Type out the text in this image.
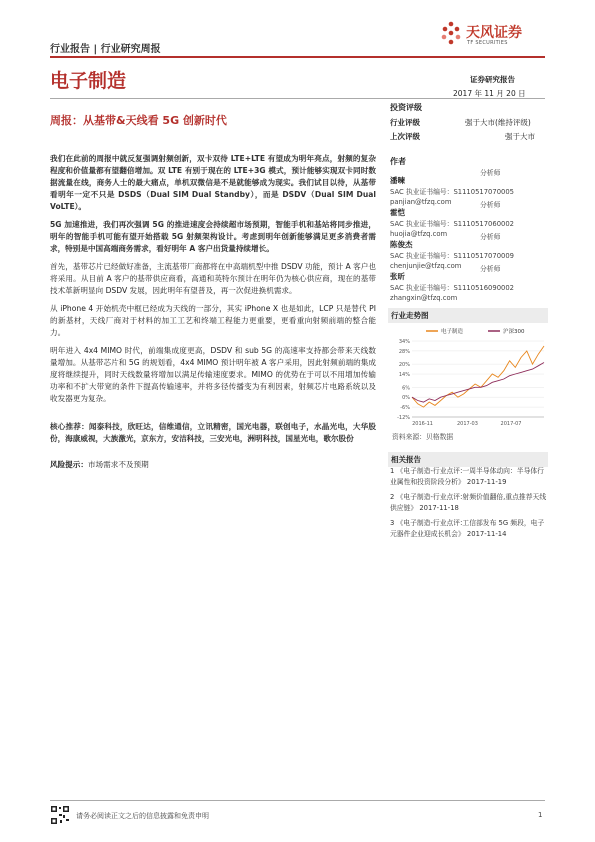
天风证券
TF SECURITIES
行业报告 | 行业研究周报
电子制造	证券研究报告
2017 年 11 月 20 日
周报：从基带&天线看 5G 创新时代
投资评级
行业评级	强于大市(维持评级)
上次评级	强于大市
作者
潘暕
分析师
SAC 执业证书编号：S1110517070005
panjian@tfzq.com
霍恺
分析师
SAC 执业证书编号：S1110517060002
huojia@tfzq.com
陈俊杰
分析师
SAC 执业证书编号：S1110517070009
chenjunjie@tfzq.com
张昕
分析师
SAC 执业证书编号：S1110516090002
zhangxin@tfzq.com
行业走势图
34%
28%
20%
14%
6%
0%
-6%
-12%
2016-11	2017-03	2017-07
电子制造	沪深300
资料来源：贝格数据
相关报告
1 《电子制造-行业点评:一周半导体动向：半导体行业属性和投资阶段分析》 2017-11-19
2 《电子制造-行业点评:射频价值翻倍,重点推荐天线供应链》 2017-11-18
3 《电子制造-行业点评:工信部发布 5G 频段，电子元器件企业迎成长机会》 2017-11-14

我们在此前的周报中就反复强调射频创新，双卡双待 LTE+LTE 有望成为明年亮点，射频的复杂程度和价值量都有望翻倍增加。双 LTE 有别于现在的 LTE+3G 模式，预计能够实现双卡同时数据流量在线，商务人士的最大痛点，单机双微信是不是就能够成为现实。我们试目以待，从基带看明年一定不只是 DSDS（Dual SIM Dual Standby），而是 DSDV（Dual SIM Dual VoLTE）。

5G 加速推进，我们再次强调 5G 的推进速度会持续超市场预期，智能手机和基站将同步推进，明年的智能手机可能有望开始搭载 5G 射频架构设计。考虑到明年创新能够满足更多消费者需求，特别是中国高端商务需求，看好明年 A 客户出货量持续增长。

首先，基带芯片已经做好准备，主流基带厂商都将在中高端机型中推 DSDV 功能，预计 A 客户也将采用。从目前 A 客户的基带供应商看，高通和英特尔预计在明年仍为核心供应商，现在的基带技术革新明显向 DSDV 发展，因此明年有望普及，再一次促进换机需求。

从 iPhone 4 开始机壳中框已经成为天线的一部分，其实 iPhone X 也是如此，LCP 只是替代 PI 的新基材，天线厂商对于材料的加工工艺和终端工程能力更重要，更看重向射频前端的整合能力。

明年进入 4x4 MIMO 时代，前端集成度更高，DSDV 和 sub 5G 的高速率支持都会带来天线数量增加。从基带芯片和 5G 的规划看，4x4 MIMO 预计明年被 A 客户采用，因此射频前端的集成度将继续提升，同时天线数量将增加以满足传输速度要求。MIMO 的优势在于可以不用增加传输功率和不扩大带宽的条件下提高传输速率，并将多径传播变为有利因素，射频芯片电路系统以及收发器更为复杂。

核心推荐：闻泰科技，欣旺达，信维通信，立讯精密，国光电器，联创电子，水晶光电，大华股份，海康威视，大族激光，京东方，安洁科技，三安光电，洲明科技，国星光电，歌尔股份

风险提示：市场需求不及预期

请务必阅读正文之后的信息披露和免责申明	1
